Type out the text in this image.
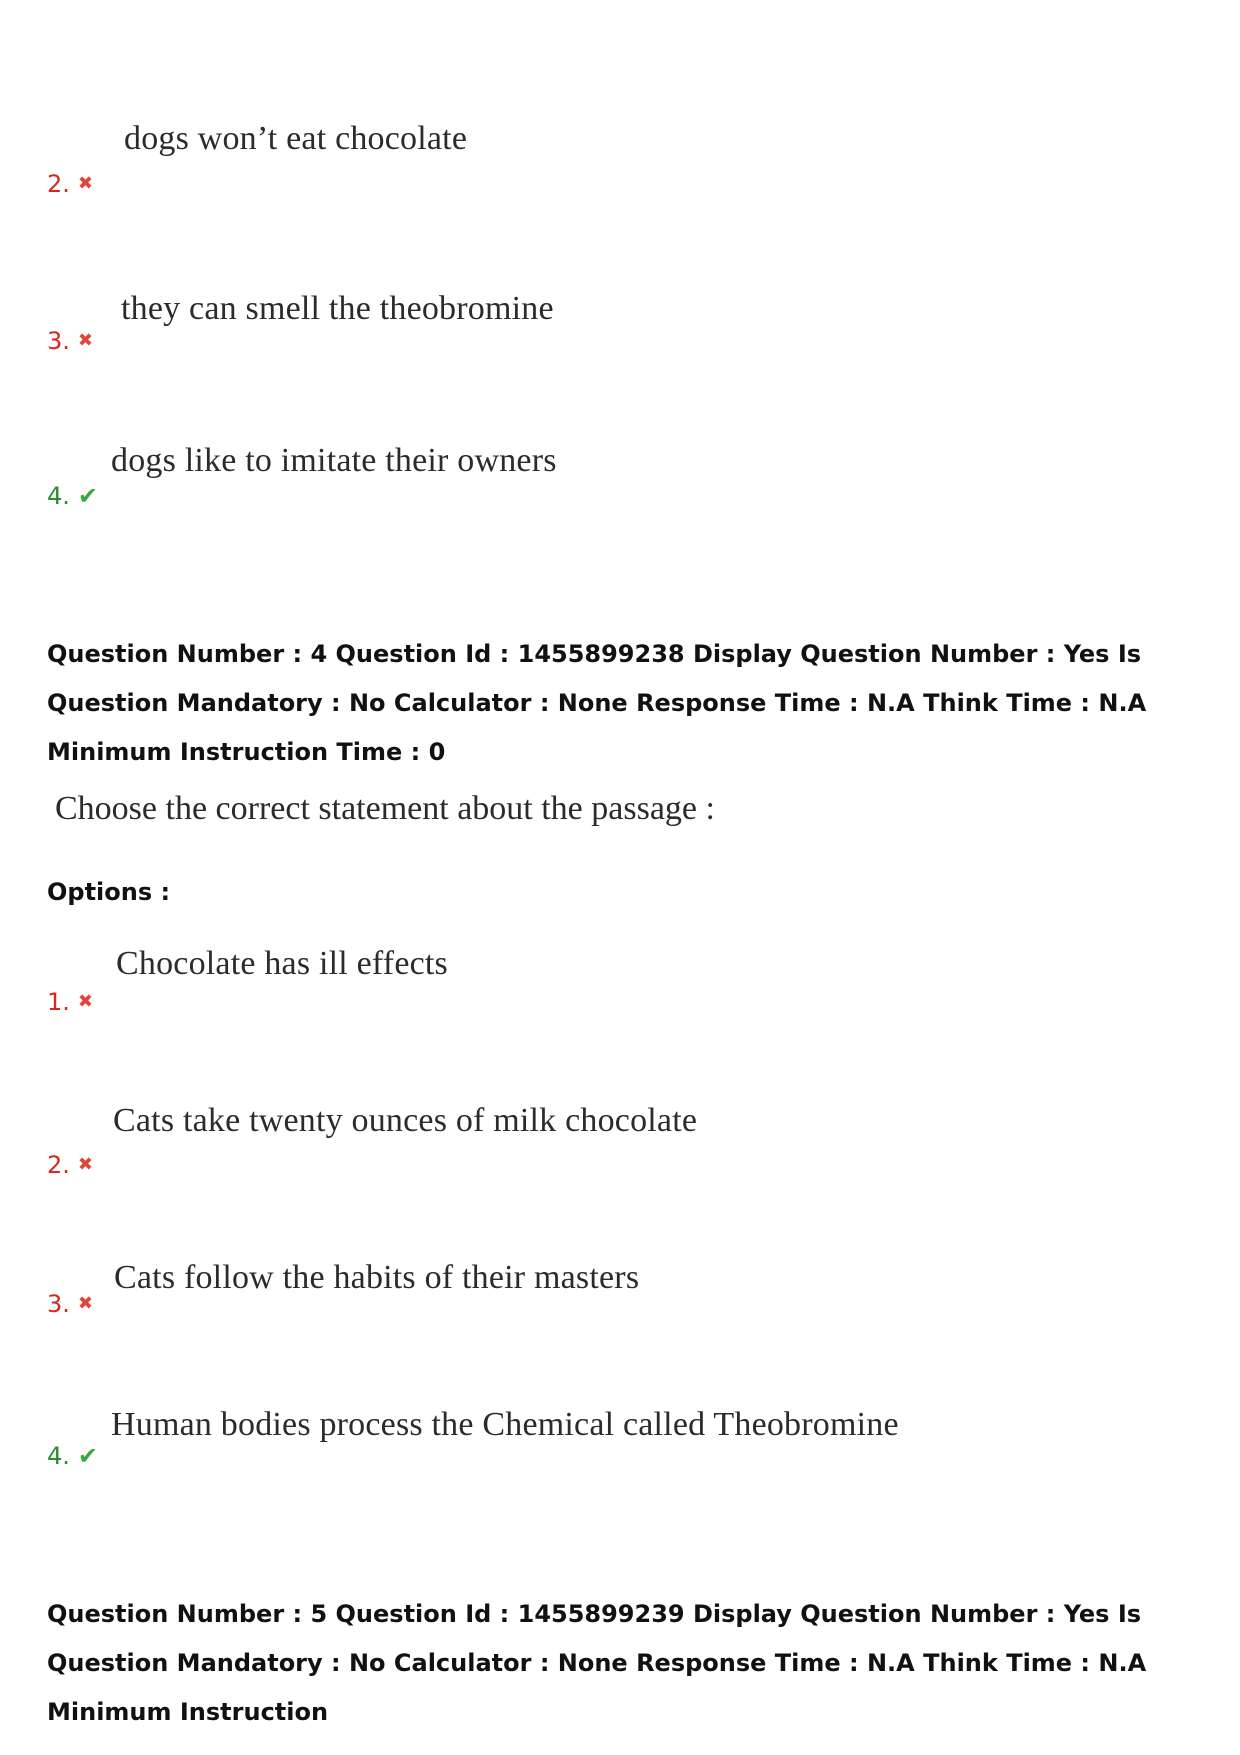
dogs won’t eat chocolate
2. ✖
they can smell the theobromine
3. ✖
dogs like to imitate their owners
4. ✔
Question Number : 4 Question Id : 1455899238 Display Question Number : Yes Is Question Mandatory : No Calculator : None Response Time : N.A Think Time : N.A Minimum Instruction Time : 0
Choose the correct statement about the passage :
Options :
Chocolate has ill effects
1. ✖
Cats take twenty ounces of milk chocolate
2. ✖
Cats follow the habits of their masters
3. ✖
Human bodies process the Chemical called Theobromine
4. ✔
Question Number : 5 Question Id : 1455899239 Display Question Number : Yes Is Question Mandatory : No Calculator : None Response Time : N.A Think Time : N.A Minimum Instruction
